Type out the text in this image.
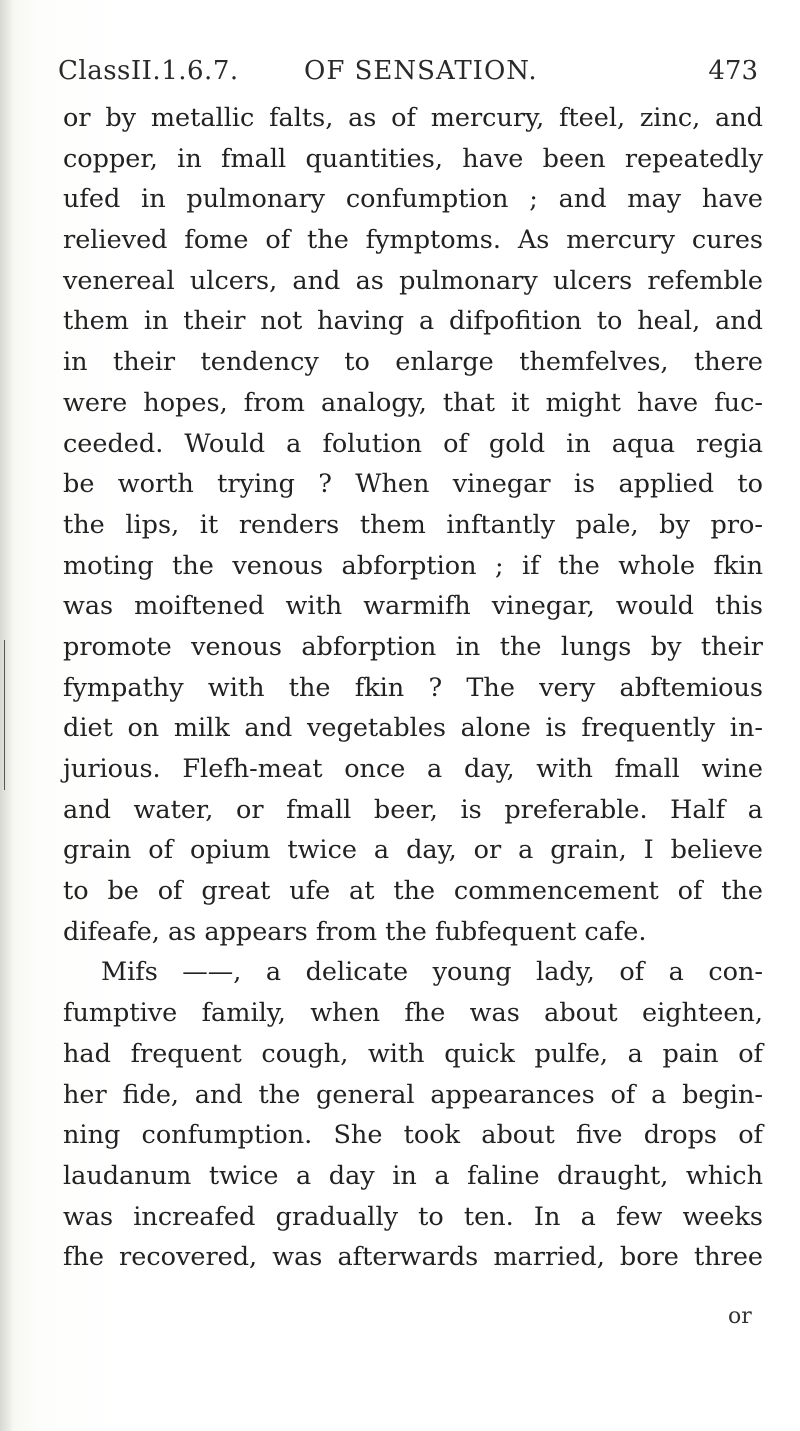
ClassII.1.6.7.	OF SENSATION.	473
or by metallic falts, as of mercury, fteel, zinc, and
copper, in fmall quantities, have been repeatedly
ufed in pulmonary confumption ; and may have
relieved fome of the fymptoms. As mercury cures
venereal ulcers, and as pulmonary ulcers refemble
them in their not having a difpofition to heal, and
in their tendency to enlarge themfelves, there
were hopes, from analogy, that it might have fuc-
ceeded. Would a folution of gold in aqua regia
be worth trying ? When vinegar is applied to
the lips, it renders them inftantly pale, by pro-
moting the venous abforption ; if the whole fkin
was moiftened with warmifh vinegar, would this
promote venous abforption in the lungs by their
fympathy with the fkin ? The very abftemious
diet on milk and vegetables alone is frequently in-
jurious. Flefh-meat once a day, with fmall wine
and water, or fmall beer, is preferable. Half a
grain of opium twice a day, or a grain, I believe
to be of great ufe at the commencement of the
difeafe, as appears from the fubfequent cafe.
Mifs ——, a delicate young lady, of a con-
fumptive family, when fhe was about eighteen,
had frequent cough, with quick pulfe, a pain of
her fide, and the general appearances of a begin-
ning confumption. She took about five drops of
laudanum twice a day in a faline draught, which
was increafed gradually to ten. In a few weeks
fhe recovered, was afterwards married, bore three
or
